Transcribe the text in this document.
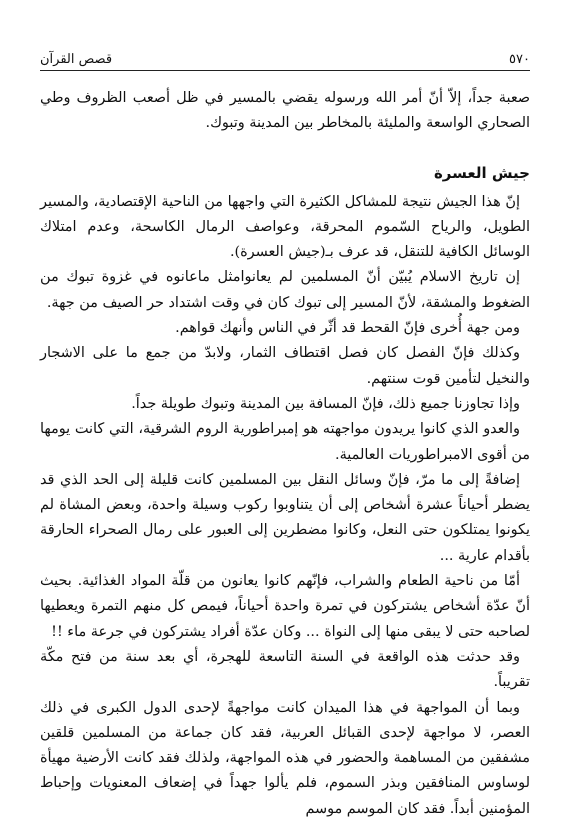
قصص القرآن	٥٧٠

صعبة جداً، إلاّ أنّ أمر الله ورسوله يقضي بالمسير في ظل أصعب الظروف وطي الصحاري الواسعة والمليئة بالمخاطر بين المدينة وتبوك.

جيش العسرة

إنّ هذا الجيش نتيجة للمشاكل الكثيرة التي واجهها من الناحية الإقتصادية، والمسير الطويل، والرياح السّموم المحرقة، وعواصف الرمال الكاسحة، وعدم امتلاك الوسائل الكافية للتنقل، قد عرف بـ(جيش العسرة).

إن تاريخ الاسلام يُبيّن أنّ المسلمين لم يعانوامثل ماعانوه في غزوة تبوك من الضغوط والمشقة، لأنّ المسير إلى تبوك كان في وقت اشتداد حر الصيف من جهة.

ومن جهة أُخرى فإنّ القحط قد أثّر في الناس وأنهك قواهم.

وكذلك فإنّ الفصل كان فصل اقتطاف الثمار، ولابدّ من جمع ما على الاشجار والنخيل لتأمين قوت سنتهم.

وإذا تجاوزنا جميع ذلك، فإنّ المسافة بين المدينة وتبوك طويلة جداً.

والعدو الذي كانوا يريدون مواجهته هو إمبراطورية الروم الشرقية، التي كانت يومها من أقوى الامبراطوريات العالمية.

إضافةً إلى ما مرّ، فإنّ وسائل النقل بين المسلمين كانت قليلة إلى الحد الذي قد يضطر أحياناً عشرة أشخاص إلى أن يتناوبوا ركوب وسيلة واحدة، وبعض المشاة لم يكونوا يمتلكون حتى النعل، وكانوا مضطرين إلى العبور على رمال الصحراء الحارقة بأقدام عارية ...

أمّا من ناحية الطعام والشراب، فإنّهم كانوا يعانون من قلّة المواد الغذائية. بحيث أنّ عدّة أشخاص يشتركون في تمرة واحدة أحياناً، فيمص كل منهم التمرة ويعطيها لصاحبه حتى لا يبقى منها إلى النواة ... وكان عدّة أفراد يشتركون في جرعة ماء !!

وقد حدثت هذه الواقعة في السنة التاسعة للهجرة، أي بعد سنة من فتح مكّة تقريباً.

وبما أن المواجهة في هذا الميدان كانت مواجهةً لإحدى الدول الكبرى في ذلك العصر، لا مواجهة لإحدى القبائل العربية، فقد كان جماعة من المسلمين قلقين مشفقين من المساهمة والحضور في هذه المواجهة، ولذلك فقد كانت الأرضية مهيأة لوساوس المنافقين وبذر السموم، فلم يألوا جهداً في إضعاف المعنويات وإحباط المؤمنين أبداً. فقد كان الموسم موسم
